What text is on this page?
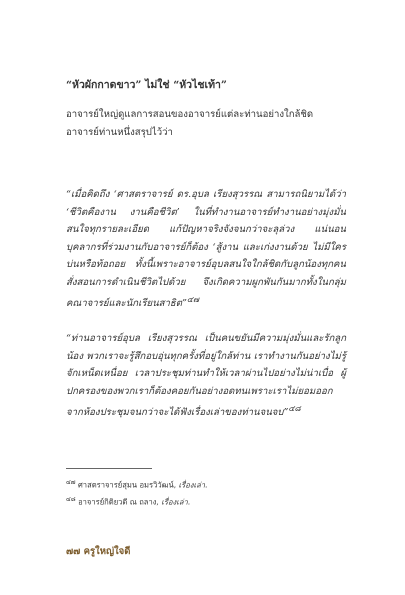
“หัวผักกาดขาว” ไม่ใช่ “หัวไชเท้า”

อาจารย์ใหญ่ดูแลการสอนของอาจารย์แต่ละท่านอย่างใกล้ชิด อาจารย์ท่านหนึ่งสรุปไว้ว่า

“เมื่อคิดถึง ‘ศาสตราจารย์ ดร.อุบล เรียงสุวรรณ สามารถนิยามได้ว่า ‘ชีวิตคืองาน งานคือชีวิต’ ในที่ทำงานอาจารย์ทำงานอย่างมุ่งมั่น สนใจทุกรายละเอียด แก้ปัญหาจริงจังจนกว่าจะลุล่วง แน่นอน บุคลากรที่ร่วมงานกับอาจารย์ก็ต้อง ‘สู้งาน และเก่งงานด้วย ไม่มีใครบ่นหรือท้อถอย ทั้งนี้เพราะอาจารย์อุบลสนใจใกล้ชิดกับลูกน้องทุกคน สั่งสอนการดำเนินชีวิตไปด้วย จึงเกิดความผูกพันกันมากทั้งในกลุ่มคณาจารย์และนักเรียนสาธิต”$^{๔๗}$

“ท่านอาจารย์อุบล เรียงสุวรรณ เป็นคนขยันมีความมุ่งมั่นและรักลูกน้อง พวกเราจะรู้สึกอบอุ่นทุกครั้งที่อยู่ใกล้ท่าน เราทำงานกันอย่างไม่รู้จักเหน็ดเหนื่อย เวลาประชุมท่านทำให้เวลาผ่านไปอย่างไม่น่าเบื่อ ผู้ปกครองของพวกเราก็ต้องคอยกันอย่างอดทนเพราะเราไม่ยอมออกจากห้องประชุมจนกว่าจะได้ฟังเรื่องเล่าของท่านจนจบ”$^{๔๘}$

$^{๔๗}$ ศาสตราจารย์สุมน อมรวิวัฒน์, เรื่องเล่า.
$^{๔๘}$ อาจารย์กิติยวดี ณ ถลาง, เรื่องเล่า.
๗๗ ครูใหญ่ใจดี
